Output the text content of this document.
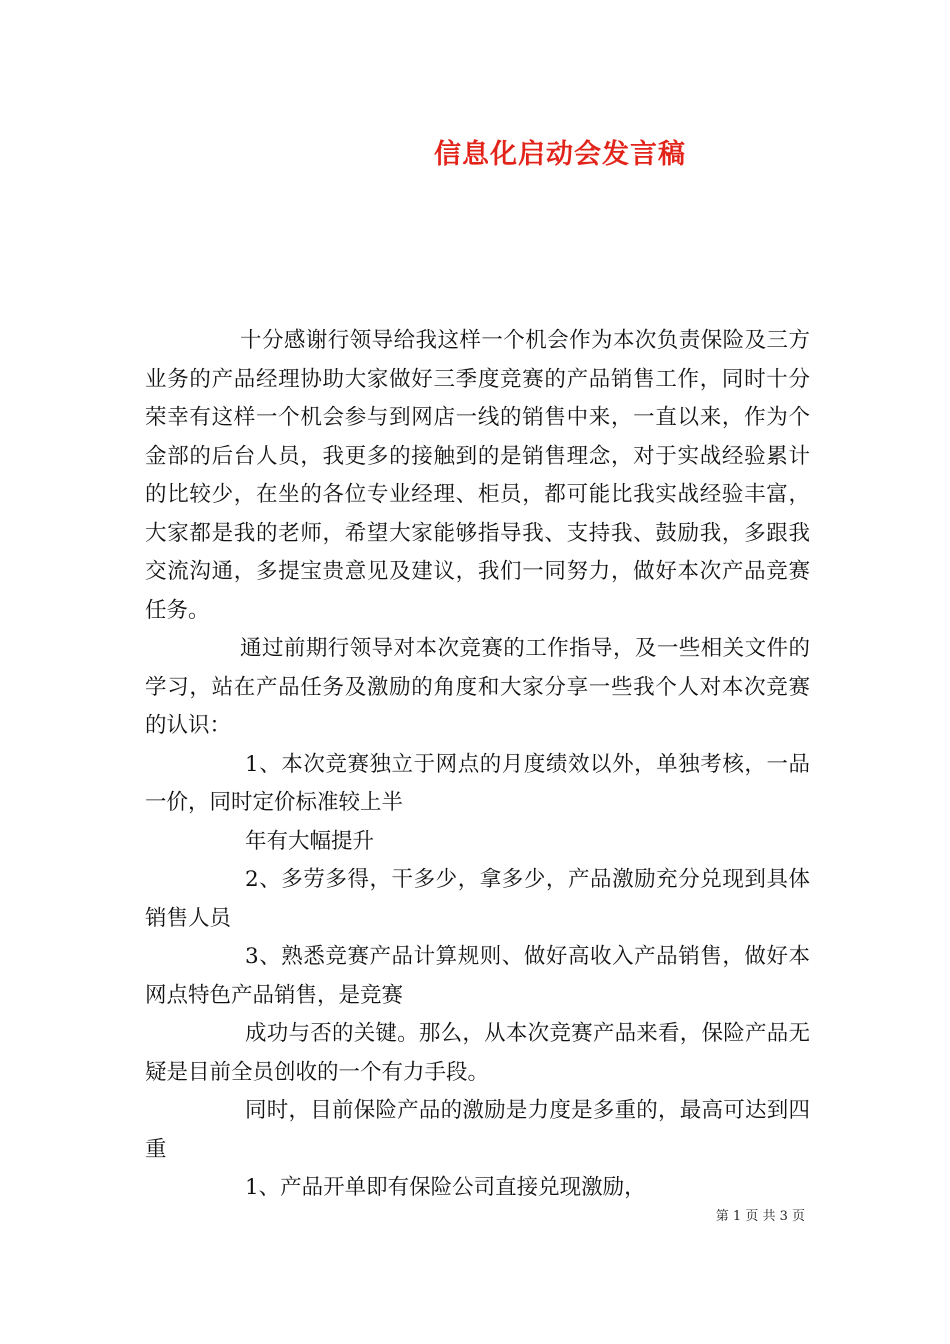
信息化启动会发言稿

十分感谢行领导给我这样一个机会作为本次负责保险及三方业务的产品经理协助大家做好三季度竞赛的产品销售工作，同时十分荣幸有这样一个机会参与到网店一线的销售中来，一直以来，作为个金部的后台人员，我更多的接触到的是销售理念，对于实战经验累计的比较少，在坐的各位专业经理、柜员，都可能比我实战经验丰富，大家都是我的老师，希望大家能够指导我、支持我、鼓励我，多跟我交流沟通，多提宝贵意见及建议，我们一同努力，做好本次产品竞赛任务。

通过前期行领导对本次竞赛的工作指导，及一些相关文件的学习，站在产品任务及激励的角度和大家分享一些我个人对本次竞赛的认识：

1、本次竞赛独立于网点的月度绩效以外，单独考核，一品一价，同时定价标准较上半

年有大幅提升

2、多劳多得，干多少，拿多少，产品激励充分兑现到具体销售人员

3、熟悉竞赛产品计算规则、做好高收入产品销售，做好本网点特色产品销售，是竞赛

成功与否的关键。那么，从本次竞赛产品来看，保险产品无疑是目前全员创收的一个有力手段。

同时，目前保险产品的激励是力度是多重的，最高可达到四重

1、产品开单即有保险公司直接兑现激励，

第 1 页 共 3 页
